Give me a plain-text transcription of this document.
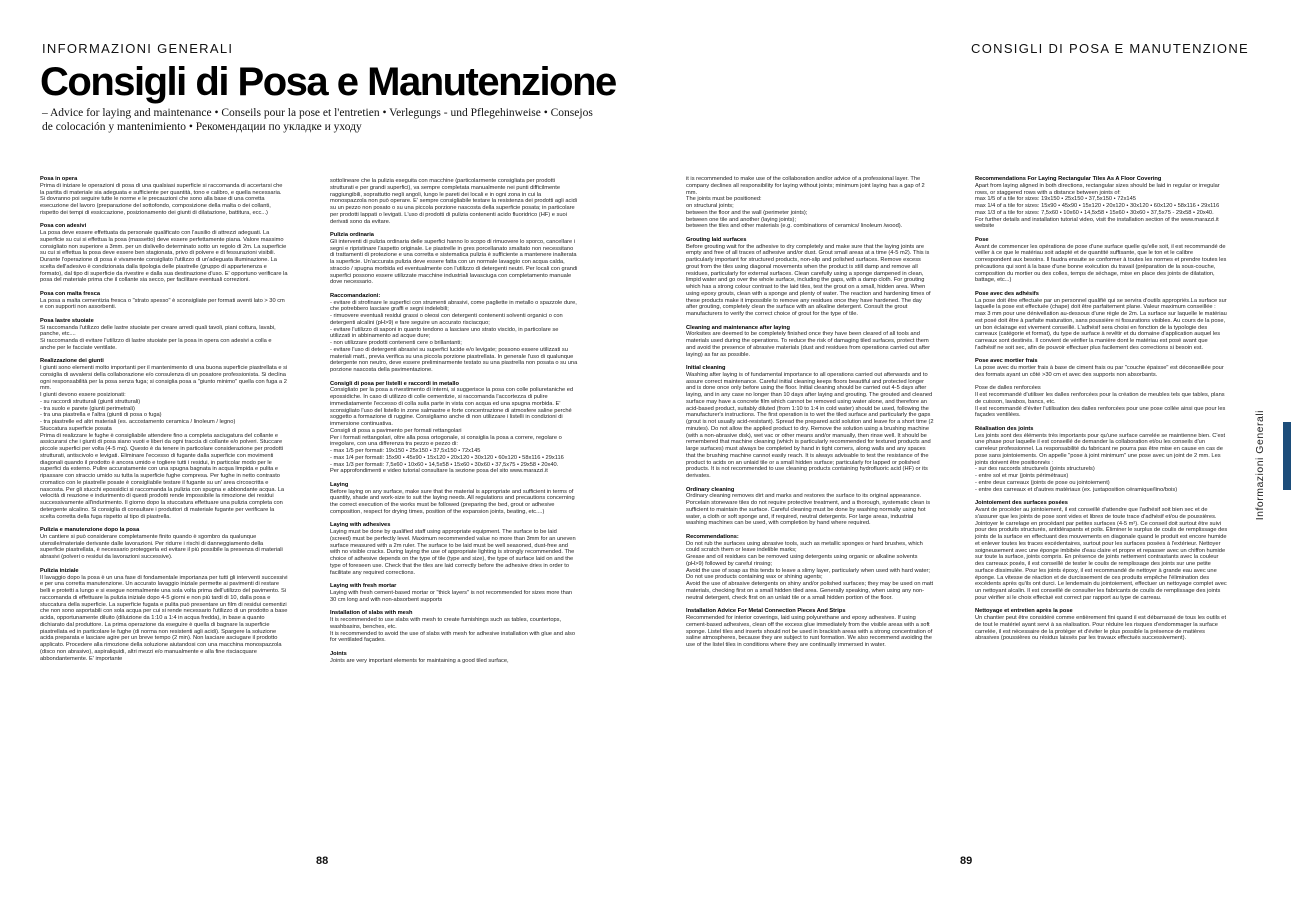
INFORMAZIONI GENERALI	CONSIGLI DI POSA E MANUTENZIONE
Consigli di Posa e Manutenzione

– Advice for laying and maintenance • Conseils pour la pose et l'entretien • Verlegungs - und Pflegehinweise • Consejos de colocación y mantenimiento • Рекомендации по укладке и уходу

Posa in opera
Prima di iniziare le operazioni di posa di una qualsiasi superficie si raccomanda di accertarsi che la partita di materiale sia adeguata e sufficiente per quantità, tono e calibro, e quella necessaria. Si dovranno poi seguire tutte le norme e le precauzioni che sono alla base di una corretta esecuzione del lavoro (preparazione del sottofondo, composizione della malta o dei collanti, rispetto dei tempi di essiccazione, posizionamento dei giunti di dilatazione, battitura, ecc...)
Posa con adesivi
La posa deve essere effettuata da personale qualificato con l'ausilio di attrezzi adeguati. La superficie su cui si effettua la posa (massetto) deve essere perfettamente piana. Valore massimo consigliato non superiore a 3mm. per un dislivello determinato sotto un regolo di 2m. La superficie su cui si effettua la posa deve essere ben stagionata, privo di polvere e di fessurazioni visibili. Durante l'operazione di posa è vivamente consigliato l'utilizzo di un'adeguata illuminazione. La scelta dell'adesivo è condizionata dalla tipologia delle piastrelle (gruppo di appartenenza e formato), dal tipo di superficie da rivestire e dalla sua destinazione d'uso. E' opportuno verificare la posa del materiale prima che il collante sia secco, per facilitare eventuali correzioni.
Posa con malta fresca
La posa a malta cementizia fresca o "strato spesso" è sconsigliate per formati aventi lato > 30 cm e con supporti non assorbenti.
Posa lastre stuoiate
Si raccomanda l'utilizzo delle lastre stuoiate per creare arredi quali tavoli, piani cottura, lavabi, panche, etc....
Si raccomanda di evitare l'utilizzo di lastre stuoiate per la posa in opera con adesivi a colla e anche per le facciate ventilate.
Realizzazione dei giunti
I giunti sono elementi molto importanti per il mantenimento di una buona superficie piastrellata e si consiglia di avvalersi della collaborazione e/o consulenza di un posatore professionista. Si declina ogni responsabilità per la posa senza fuga; si consiglia posa a "giunto minimo" quella con fuga a 2 mm.
I giunti devono essere posizionati:
- su raccordi strutturali (giunti strutturali)
- tra suolo e parete (giunti perimetrali)
- tra una piastrella e l'altra (giunti di posa o fuga)
- tra piastrelle ed altri materiali (es. accostamento ceramica / linoleum / legno)
Stuccatura superficie posata
Prima di realizzare le fughe è consigliabile attendere fino a completa asciugatura del collante e assicurarsi che i giunti di posa siano vuoti e liberi da ogni traccia di collante e/o polveri. Stuccare piccole superfici per volta (4-5 mq). Questo è da tenere in particolare considerazione per prodotti strutturati, antiscivolo e levigati. Eliminare l'eccesso di fugante dalla superficie con movimenti diagonali quando il prodotto è ancora umido e togliere tutti i residui, in particolar modo per le superfici da esterno. Pulire accuratamente con una spugna bagnata in acqua limpida e pulita e ripassare con straccio umido su tutta la superficie fughe compresa. Per fughe in netto contrasto cromatico con le piastrelle posate è consigliabile testare il fugante su un' area circoscritta e nascosta. Per gli stucchi epossidici si raccomanda la pulizia con spugna e abbondante acqua. La velocità di reazione e indurimento di questi prodotti rende impossibile la rimozione dei residui successivamente all'indurimento. Il giorno dopo la stuccatura effettuare una pulizia completa con detergente alcalino. Si consiglia di consultare i produttori di materiale fugante per verificare la scelta corretta della fuga rispetto al tipo di piastrella.
Pulizia e manutenzione dopo la posa
Un cantiere si può considerare completamente finito quando è sgombro da qualunque utensile/materiale derivante dalle lavorazioni. Per ridurre i rischi di danneggiamento della superficie piastrellata, è necessario proteggerla ed evitare il più possibile la presenza di materiali abrasivi (polveri o residui da lavorazioni successive).
Pulizia iniziale
Il lavaggio dopo la posa è un una fase di fondamentale importanza per tutti gli interventi successivi e per una corretta manutenzione. Un accurato lavaggio iniziale permette ai pavimenti di restare belli e protetti a lungo e si esegue normalmente una sola volta prima dell'utilizzo del pavimento. Si raccomanda di effettuare la pulizia iniziale dopo 4-5 giorni e non più tardi di 10, dalla posa e stuccatura della superficie. La superficie fugata e pulita può presentare un film di residui cementizi che non sono asportabili con sola acqua per cui si rende necessario l'utilizzo di un prodotto a base acida, opportunamente diluito (diluizione da 1:10 a 1:4 in acqua fredda), in base a quanto dichiarato dal produttore. La prima operazione da eseguire è quella di bagnare la superficie piastrellata ed in particolare le fughe (di norma non resistenti agli acidi). Spargere la soluzione acida preparata e lasciare agire per un breve tempo (2 min). Non lasciare asciugare il prodotto applicato. Procedere alla rimozione della soluzione aiutandosi con una macchina monospazzola (disco non abrasivo), aspiraliquidi, altri mezzi e/o manualmente e alla fine risciacquare abbondantemente. E' importante
sottolineare che la pulizia eseguita con macchine (particolarmente consigliata per prodotti strutturati e per grandi superfici), va sempre completata manualmente nei punti difficilmente raggiungibili, soprattutto negli angoli, lungo le pareti dei locali e in ogni zona in cui la monospazzola non può operare. E' sempre consigliabile testare la resistenza dei prodotti agli acidi su un pezzo non posato o su una piccola porzione nascosta della superficie posata; in particolare per prodotti lappati o levigati. L'uso di prodotti di pulizia contenenti acido fluoridrico (HF) e suoi derivati sono da evitare.
Pulizia ordinaria
Gli interventi di pulizia ordinaria delle superfici hanno lo scopo di rimuovere lo sporco, cancellare i segni e ripristinare l'aspetto originale. Le piastrelle in gres porcellanato smaltato non necessitano di trattamenti di protezione e una corretta e sistematica pulizia è sufficiente a mantenere inalterata la superficie. Un'accurata pulizia deve essere fatta con un normale lavaggio con acqua calda, straccio / spugna morbida ed eventualmente con l'utilizzo di detergenti neutri. Per locali con grandi superfici possono essere utilizzate macchine industriali lavasciuga con completamento manuale dove necessario.
Raccomandazioni:
- evitare di strofinare le superfici con strumenti abrasivi, come pagliette in metallo o spazzole dure, che potrebbero lasciare graffi e segni indelebili;
- rimuovere eventuali residui grassi o oleosi con detergenti contenenti solventi organici o con detergenti alcalini (pH>9) e fare seguire un accurato risciacquo;
- evitare l'utilizzo di saponi in quanto tendono a lasciare uno strato viscido, in particolare se utilizzati in abbinamento ad acque dure;
- non utilizzare prodotti contenenti cere o brillantanti;
- evitare l'uso di detergenti abrasivi su superfici lucide e/o levigate; possono essere utilizzati su materiali matt., previa verifica su una piccola porzione piastrellata. In generale l'uso di qualunque detergente non neutro, deve essere preliminarmente testato su una piastrella non posata o su una porzione nascosta della pavimentazione.
Consigli di posa per listelli e raccordi in metallo
Consigliato per la posa a rivestimento di interni, si suggerisce la posa con colle poliuretaniche ed epossidiche. In caso di utilizzo di colle cementizie, si raccomanda l'accortezza di pulire immediatamente l'eccesso di colla sulla parte in vista con acqua ed una spugna morbida. E' sconsigliato l'uso del listello in zone salmastre e forte concentrazione di atmosfere saline perché soggetto a formazione di ruggine. Consigliamo anche di non utilizzare i listelli in condizioni di immersione continuativa.
Consigli di posa a pavimento per formati rettangolari
Per i formati rettangolari, oltre alla posa ortogonale, si consiglia la posa a correre, regolare o irregolare, con una differenza tra pezzo e pezzo di:
- max 1/5 per formati: 19x150 • 25x150 • 37,5x150 • 72x145
- max 1/4 per formati: 15x90 • 45x90 • 15x120 • 20x120 • 30x120 • 60x120 • 58x116 • 29x116
- max 1/3 per formati: 7,5x60 • 10x60 • 14,5x58 • 15x60 • 30x60 • 37,5x75 • 29x58 • 20x40.
Per approfondimenti e video tutorial consultare la sezione posa del sito www.marazzi.it
Laying
Before laying on any surface, make sure that the material is appropriate and sufficient in terms of quantity, shade and work-size to suit the laying needs. All regulations and precautions concerning the correct execution of the works must be followed (preparing the bed, grout or adhesive composition, respect for drying times, position of the expansion joints, beating, etc....)
Laying with adhesives
Laying must be done by qualified staff using appropriate equipment. The surface to be laid (screed) must be perfectly level. Maximum recommended value no more than 3mm for an uneven surface measured with a 2m ruler. The surface to be laid must be well seasoned, dust-free and with no visible cracks. During laying the use of appropriate lighting is strongly recommended. The choice of adhesive depends on the type of tile (type and size), the type of surface laid on and the type of foreseen use. Check that the tiles are laid correctly before the adhesive dries in order to facilitate any required corrections.
Laying with fresh mortar
Laying with fresh cement-based mortar or "thick layers" is not recommended for sizes more than 30 cm long and with non-absorbent supports
Installation of slabs with mesh
It is recommended to use slabs with mesh to create furnishings such as tables, countertops, washbasins, benches, etc.
It is recommended to avoid the use of slabs with mesh for adhesive installation with glue and also for ventilated façades.
Joints
Joints are very important elements for maintaining a good tiled surface,
it is recommended to make use of the collaboration and/or advice of a professional layer. The company declines all responsibility for laying without joints; minimum joint laying has a gap of 2 mm.
The joints must be positioned:
on structural joints;
between the floor and the wall (perimeter joints);
between one tile and another (laying joints);
between the tiles and other materials (e.g. combinations of ceramics/ linoleum /wood).
Grouting laid surfaces
Before grouting wait for the adhesive to dry completely and make sure that the laying joints are empty and free of all traces of adhesive and/or dust. Grout small areas at a time (4-5 m2). This is particularly important for structured products, non-slip and polished surfaces. Remove excess grout from the tiles using diagonal movements when the product is still damp and remove all residues, particularly for external surfaces. Clean carefully using a sponge dampened in clean, limpid water and go over the whole surface, including the gaps, with a damp cloth. For grouting which has a strong colour contrast to the laid tiles, test the grout on a small, hidden area. When using epoxy grouts, clean with a sponge and plenty of water. The reaction and hardening times of these products make it impossible to remove any residues once they have hardened. The day after grouting, completely clean the surface with an alkaline detergent. Consult the grout manufacturers to verify the correct choice of grout for the type of tile.
Cleaning and maintenance after laying
Worksites are deemed to be completely finished once they have been cleared of all tools and materials used during the operations. To reduce the risk of damaging tiled surfaces, protect them and avoid the presence of abrasive materials (dust and residues from operations carried out after laying) as far as possible.
Initial cleaning
Washing after laying is of fundamental importance to all operations carried out afterwards and to assure correct maintenance. Careful initial cleaning keeps floors beautiful and protected longer and is done once only before using the floor. Initial cleaning should be carried out 4-5 days after laying, and in any case no longer than 10 days after laying and grouting. The grouted and cleaned surface may have a concrete film which cannot be removed using water alone, and therefore an acid-based product, suitably diluted (from 1:10 to 1:4 in cold water) should be used, following the manufacturer's instructions. The first operation is to wet the tiled surface and particularly the gaps (grout is not usually acid-resistant). Spread the prepared acid solution and leave for a short time (2 minutes). Do not allow the applied product to dry. Remove the solution using a brushing machine (with a non-abrasive disk), wet vac or other means and/or manually, then rinse well. It should be remembered that machine cleaning (which is particularly recommended for textured products and large surfaces) must always be completed by hand in tight corners, along walls and any spaces that the brushing machine cannot easily reach. It is always advisable to test the resistance of the product to acids on an unlaid tile or a small hidden surface; particularly for lapped or polished products. It is not recommended to use cleaning products containing hydrofluoric acid (HF) or its derivates.
Ordinary cleaning
Ordinary cleaning removes dirt and marks and restores the surface to its original appearance. Porcelain stoneware tiles do not require protective treatment, and a thorough, systematic clean is sufficient to maintain the surface. Careful cleaning must be done by washing normally using hot water, a cloth or soft sponge and, if required, neutral detergents. For large areas, industrial washing machines can be used, with completion by hand where required.
Recommendations:
Do not rub the surfaces using abrasive tools, such as metallic sponges or hard brushes, which could scratch them or leave indelible marks;
Grease and oil residues can be removed using detergents using organic or alkaline solvents (pH>9) followed by careful rinsing;
Avoid the use of soap as this tends to leave a slimy layer, particularly when used with hard water;
Do not use products containing wax or shining agents;
Avoid the use of abrasive detergents on shiny and/or polished surfaces; they may be used on matt materials, checking first on a small hidden tiled area. Generally speaking, when using any non-neutral detergent, check first on an unlaid tile or a small hidden portion of the floor.
Installation Advice For Metal Connection Pieces And Strips
Recommended for interior coverings, laid using polyurethane and epoxy adhesives. If using cement-based adhesives, clean off the excess glue immediately from the visible areas with a soft sponge. Listel tiles and inserts should not be used in brackish areas with a strong concentration of saline atmospheres, because they are subject to rust formation. We also recommend avoiding the use of the listel tiles in conditions where they are continually immersed in water.
Recommendations For Laying Rectangular Tiles As A Floor Covering
Apart from laying aligned in both directions, rectangular sizes should be laid in regular or irregular rows, or staggered rows with a distance between joints of:
max 1/5 of a tile for sizes: 19x150 • 25x150 • 37,5x150 • 72x145
max 1/4 of a tile for sizes: 15x90 • 45x90 • 15x120 • 20x120 • 30x120 • 60x120 • 58x116 • 29x116
max 1/3 of a tile for sizes: 7,5x60 • 10x60 • 14,5x58 • 15x60 • 30x60 • 37,5x75 - 29x58 • 20x40.
For further details and installation tutorial video, visit the installation section of the www.marazzi.it website
Pose
Avant de commencer les opérations de pose d'une surface quelle qu'elle soit, il est recommandé de veiller à ce que le matériau soit adapté et de quantité suffisante, que le ton et le calibre correspondent aux besoins. Il faudra ensuite se conformer à toutes les normes et prendre toutes les précautions qui sont à la base d'une bonne exécution du travail (préparation de la sous-couche, composition du mortier ou des colles, temps de séchage, mise en place des joints de dilatation, battage, etc...)
Pose avec des adhésifs
La pose doit être effectuée par un personnel qualifié qui se servira d'outils appropriés.La surface sur laquelle la pose est effectuée (chape) doit être parfaitement plane. Valeur maximum conseillée : max 3 mm pour une dénivellation au-dessous d'une règle de 2m. La surface sur laquelle le matériau est posé doit être à parfaite maturation, sans poussière ni fissurations visibles. Au cours de la pose, un bon éclairage est vivement conseillé. L'adhésif sera choisi en fonction de la typologie des carreaux (catégorie et format), du type de surface à revêtir et du domaine d'application auquel les carreaux sont destinés. Il convient de vérifier la manière dont le matériau est posé avant que l'adhésif ne soit sec, afin de pouvoir effectuer plus facilement des corrections si besoin est.
Pose avec mortier frais
La pose avec du mortier frais à base de ciment frais ou par "couche épaisse" est déconseillée pour des formats ayant un côté >30 cm et avec des supports non absorbants.
Pose de dalles renforcées
Il est recommandé d'utiliser les dalles renforcées pour la création de meubles tels que tables, plans de cuisson, lavabos, bancs, etc.
Il est recommandé d'éviter l'utilisation des dalles renforcées pour une pose collée ainsi que pour les façades ventilées.
Réalisation des joints
Les joints sont des éléments très importants pour qu'une surface carrelée se maintienne bien. C'est une phase pour laquelle il est conseillé de demander la collaboration et/ou les conseils d'un carreleur professionnel. La responsabilité du fabricant ne pourra pas être mise en cause en cas de pose sans jointoiements. On appelle "pose à joint minimum" une pose avec un joint de 2 mm. Les joints doivent être positionnés :
- sur des raccords structurels (joints structurels)
- entre sol et mur (joints périmétraux)
- entre deux carreaux (joints de pose ou jointoiement)
- entre des carreaux et d'autres matériaux (ex. juxtaposition céramique/lino/bois)
Jointoiement des surfaces posées
Avant de procéder au jointoiement, il est conseillé d'attendre que l'adhésif soit bien sec et de s'assurer que les joints de pose sont vides et libres de toute trace d'adhésif et/ou de poussières.
Jointoyer le carrelage en procédant par petites surfaces (4-5 m²). Ce conseil doit surtout être suivi pour des produits structurés, antidérapants et polis. Éliminer le surplus de coulis de remplissage des joints de la surface en effectuant des mouvements en diagonale quand le produit est encore humide et enlever toutes les traces excédentaires, surtout pour les surfaces posées à l'extérieur. Nettoyer soigneusement avec une éponge imbibée d'eau claire et propre et repasser avec un chiffon humide sur toute la surface, joints compris. En présence de joints nettement contrastants avec la couleur des carreaux posés, il est conseillé de tester le coulis de remplissage des joints sur une petite surface dissimulée. Pour les joints époxy, il est recommandé de nettoyer à grande eau avec une éponge. La vitesse de réaction et de durcissement de ces produits empêche l'élimination des excédents après qu'ils ont durci. Le lendemain du jointoiement, effectuer un nettoyage complet avec un nettoyant alcalin. Il est conseillé de consulter les fabricants de coulis de remplissage des joints pour vérifier si le choix effectué est correct par rapport au type de carreau.
Nettoyage et entretien après la pose
Un chantier peut être considéré comme entièrement fini quand il est débarrassé de tous les outils et de tout le matériel ayant servi à sa réalisation. Pour réduire les risques d'endommager la surface carrelée, il est nécessaire de la protéger et d'éviter le plus possible la présence de matières abrasives (poussières ou résidus laissés par les travaux effectués successivement).
88	89
Informazioni Generali
